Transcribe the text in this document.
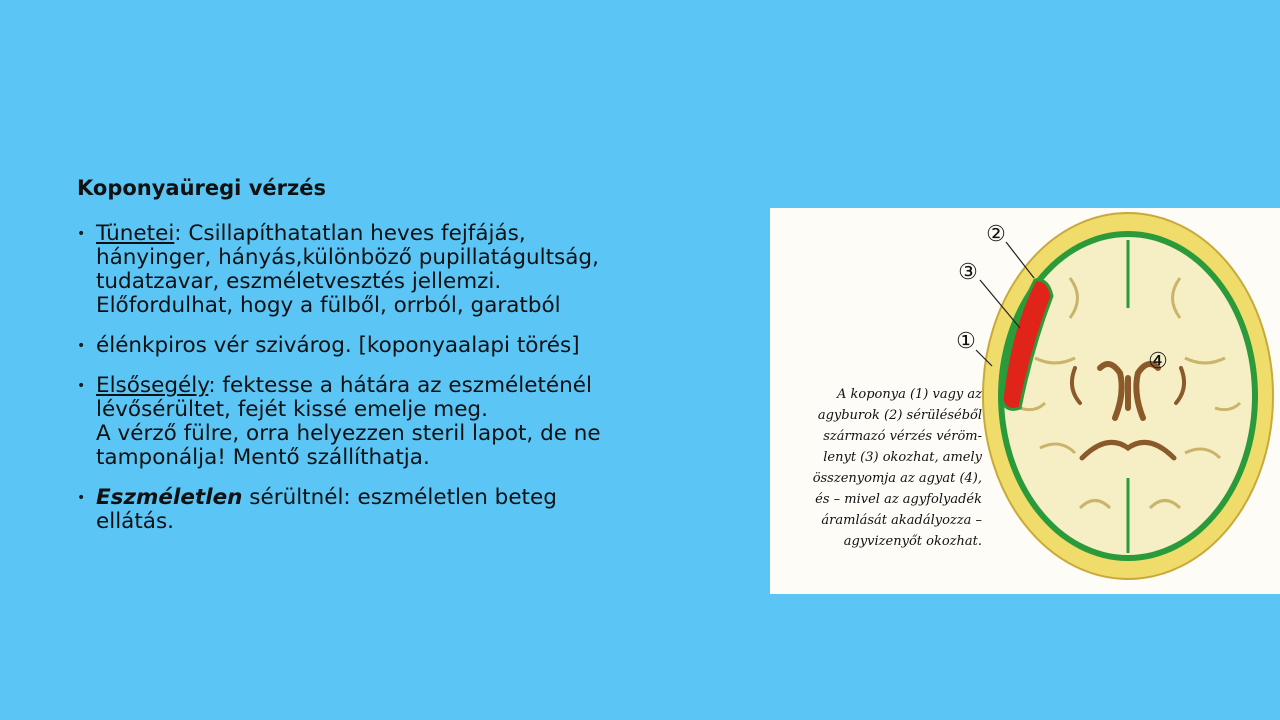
Koponyaüregi vérzés
• Tünetei: Csillapíthatatlan heves fejfájás,
hányinger, hányás,különböző pupillatágultság,
tudatzavar, eszméletvesztés jellemzi.
Előfordulhat, hogy a fülből, orrból, garatból
• élénkpiros vér szivárog. [koponyaalapi törés]
• Elsősegély: fektesse a hátára az eszméleténél
lévősérültet, fejét kissé emelje meg.
A vérző fülre, orra helyezzen steril lapot, de ne
tamponálja! Mentő szállíthatja.
• Eszméletlen sérültnél: eszméletlen beteg
ellátás.
②
③
①
④
A koponya (1) vagy az
agyburok (2) sérüléséből
származó vérzés véröm-
lenyt (3) okozhat, amely
összenyomja az agyat (4),
és – mivel az agyfolyadék
áramlását akadályozza –
agyvizenyőt okozhat.
